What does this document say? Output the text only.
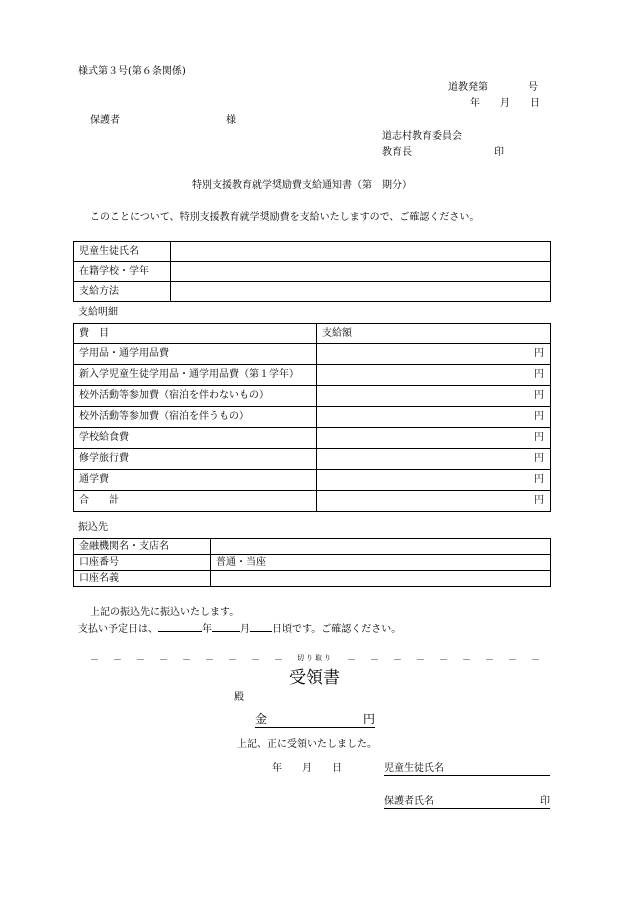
様式第３号(第６条関係)
道教発第　　　　号
年　　月　　日
保護者	様
道志村教育委員会
教育長	印
特別支援教育就学奨励費支給通知書（第　期分）
このことについて、特別支援教育就学奨励費を支給いたしますので、ご確認ください。
児童生徒氏名	
在籍学校・学年	
支給方法	
支給明細
費　目	支給額
学用品・通学用品費	円
新入学児童生徒学用品・通学用品費（第１学年）	円
校外活動等参加費（宿泊を伴わないもの）	円
校外活動等参加費（宿泊を伴うもの）	円
学校給食費	円
修学旅行費	円
通学費	円
合　　計	円
振込先
金融機関名・支店名	
口座番号	普通・当座
口座名義	
上記の振込先に振込いたします。
支払い予定日は、	年	月 日頃です。ご確認ください。
－ － － － － － － － － 切り取り － － － － － － － － －
受領書
殿
金	円
上記、正に受領いたしました。
年　　月　　日	児童生徒氏名
保護者氏名	印
